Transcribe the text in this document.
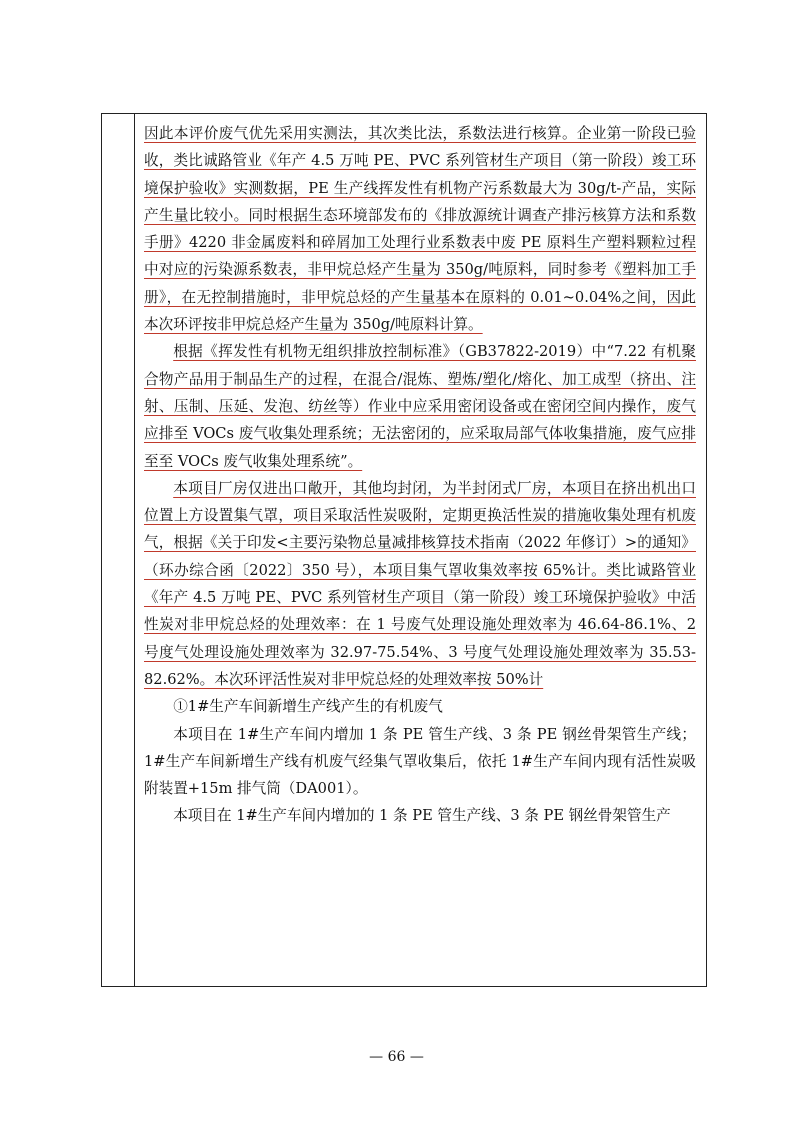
因此本评价废气优先采用实测法，其次类比法，系数法进行核算。企业第一阶段已验收，类比诚路管业《年产 4.5 万吨 PE、PVC 系列管材生产项目（第一阶段）竣工环境保护验收》实测数据，PE 生产线挥发性有机物产污系数最大为 30g/t-产品，实际产生量比较小。同时根据生态环境部发布的《排放源统计调查产排污核算方法和系数手册》4220 非金属废料和碎屑加工处理行业系数表中废 PE 原料生产塑料颗粒过程中对应的污染源系数表，非甲烷总烃产生量为 350g/吨原料，同时参考《塑料加工手册》，在无控制措施时，非甲烷总烃的产生量基本在原料的 0.01~0.04%之间，因此本次环评按非甲烷总烃产生量为 350g/吨原料计算。

根据《挥发性有机物无组织排放控制标准》（GB37822-2019）中“7.22 有机聚合物产品用于制品生产的过程，在混合/混炼、塑炼/塑化/熔化、加工成型（挤出、注射、压制、压延、发泡、纺丝等）作业中应采用密闭设备或在密闭空间内操作，废气应排至 VOCs 废气收集处理系统；无法密闭的，应采取局部气体收集措施，废气应排至至 VOCs 废气收集处理系统”。

本项目厂房仅进出口敞开，其他均封闭，为半封闭式厂房，本项目在挤出机出口位置上方设置集气罩，项目采取活性炭吸附，定期更换活性炭的措施收集处理有机废气，根据《关于印发<主要污染物总量减排核算技术指南（2022 年修订）>的通知》（环办综合函〔2022〕350 号），本项目集气罩收集效率按 65%计。类比诚路管业《年产 4.5 万吨 PE、PVC 系列管材生产项目（第一阶段）竣工环境保护验收》中活性炭对非甲烷总烃的处理效率：在 1 号废气处理设施处理效率为 46.64-86.1%、2 号度气处理设施处理效率为 32.97-75.54%、3 号度气处理设施处理效率为 35.53-82.62%。本次环评活性炭对非甲烷总烃的处理效率按 50%计

①1#生产车间新增生产线产生的有机废气

本项目在 1#生产车间内增加 1 条 PE 管生产线、3 条 PE 钢丝骨架管生产线；1#生产车间新增生产线有机废气经集气罩收集后，依托 1#生产车间内现有活性炭吸附装置+15m 排气筒（DA001）。

本项目在 1#生产车间内增加的 1 条 PE 管生产线、3 条 PE 钢丝骨架管生产

— 66 —
